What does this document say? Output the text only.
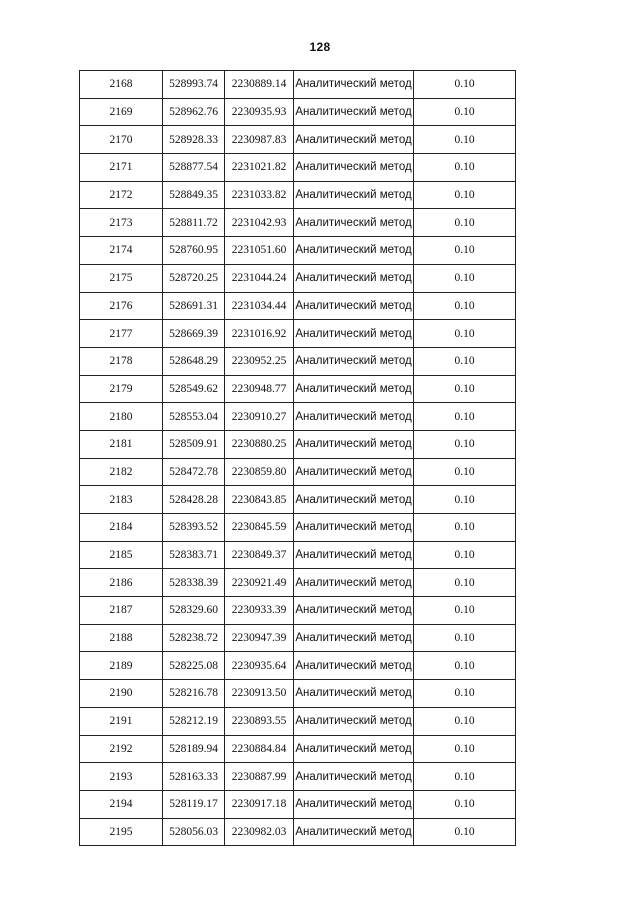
128
2168	528993.74	2230889.14	Аналитический метод	0.10
2169	528962.76	2230935.93	Аналитический метод	0.10
2170	528928.33	2230987.83	Аналитический метод	0.10
2171	528877.54	2231021.82	Аналитический метод	0.10
2172	528849.35	2231033.82	Аналитический метод	0.10
2173	528811.72	2231042.93	Аналитический метод	0.10
2174	528760.95	2231051.60	Аналитический метод	0.10
2175	528720.25	2231044.24	Аналитический метод	0.10
2176	528691.31	2231034.44	Аналитический метод	0.10
2177	528669.39	2231016.92	Аналитический метод	0.10
2178	528648.29	2230952.25	Аналитический метод	0.10
2179	528549.62	2230948.77	Аналитический метод	0.10
2180	528553.04	2230910.27	Аналитический метод	0.10
2181	528509.91	2230880.25	Аналитический метод	0.10
2182	528472.78	2230859.80	Аналитический метод	0.10
2183	528428.28	2230843.85	Аналитический метод	0.10
2184	528393.52	2230845.59	Аналитический метод	0.10
2185	528383.71	2230849.37	Аналитический метод	0.10
2186	528338.39	2230921.49	Аналитический метод	0.10
2187	528329.60	2230933.39	Аналитический метод	0.10
2188	528238.72	2230947.39	Аналитический метод	0.10
2189	528225.08	2230935.64	Аналитический метод	0.10
2190	528216.78	2230913.50	Аналитический метод	0.10
2191	528212.19	2230893.55	Аналитический метод	0.10
2192	528189.94	2230884.84	Аналитический метод	0.10
2193	528163.33	2230887.99	Аналитический метод	0.10
2194	528119.17	2230917.18	Аналитический метод	0.10
2195	528056.03	2230982.03	Аналитический метод	0.10
